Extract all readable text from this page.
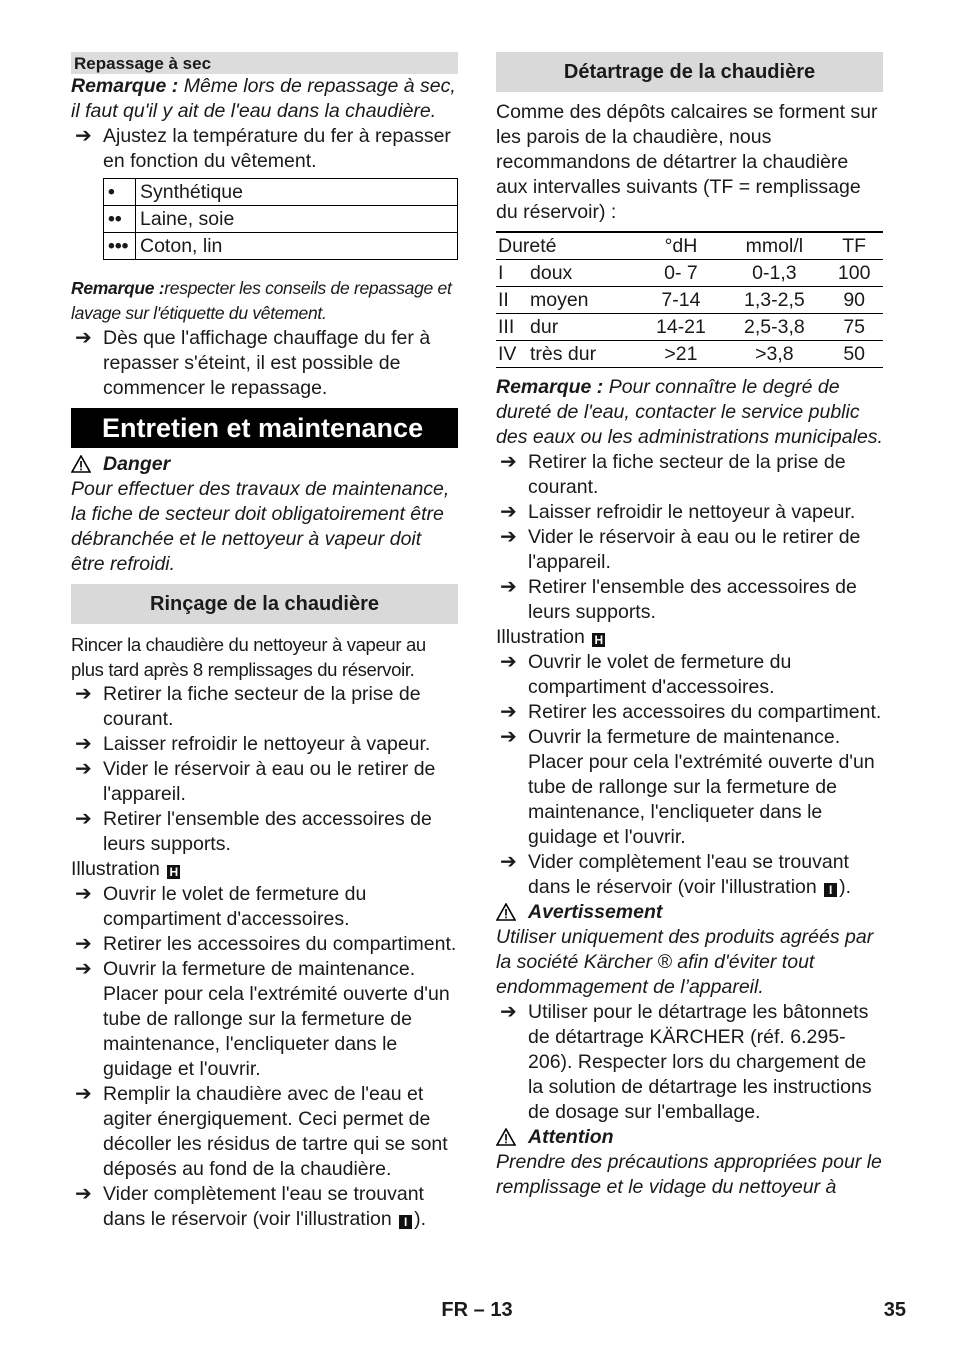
Repassage à sec

Remarque : Même lors de repassage à sec, il faut qu'il y ait de l'eau dans la chaudière.

➔ Ajustez la température du fer à repasser en fonction du vêtement.
•	Synthétique
••	Laine, soie
•••	Coton, lin

Remarque :respecter les conseils de repassage et lavage sur l'étiquette du vêtement.

➔ Dès que l'affichage chauffage du fer à repasser s'éteint, il est possible de commencer le repassage.
Entretien et maintenance
Danger

Pour effectuer des travaux de maintenance, la fiche de secteur doit obligatoirement être débranchée et le nettoyeur à vapeur doit être refroidi.

Rinçage de la chaudière

Rincer la chaudière du nettoyeur à vapeur au plus tard après 8 remplissages du réservoir.

➔ Retirer la fiche secteur de la prise de courant.
➔ Laisser refroidir le nettoyeur à vapeur.
➔ Vider le réservoir à eau ou le retirer de l'appareil.
➔ Retirer l'ensemble des accessoires de leurs supports.

Illustration H

➔ Ouvrir le volet de fermeture du compartiment d'accessoires.
➔ Retirer les accessoires du compartiment.
➔ Ouvrir la fermeture de maintenance. Placer pour cela l'extrémité ouverte d'un tube de rallonge sur la fermeture de maintenance, l'encliqueter dans le guidage et l'ouvrir.
➔ Remplir la chaudière avec de l'eau et agiter énergiquement. Ceci permet de décoller les résidus de tartre qui se sont déposés au fond de la chaudière.
➔ Vider complètement l'eau se trouvant dans le réservoir (voir l'illustration I ).
Détartrage de la chaudière

Comme des dépôts calcaires se forment sur les parois de la chaudière, nous recommandons de détartrer la chaudière aux intervalles suivants (TF = remplissage du réservoir) :

Dureté		°dH	mmol/l	TF
I	doux	0- 7	0-1,3	100
II	moyen	7-14	1,3-2,5	90
III	dur	14-21	2,5-3,8	75
IV	très dur	>21	>3,8	50

Remarque : Pour connaître le degré de dureté de l'eau, contacter le service public des eaux ou les administrations municipales.

➔ Retirer la fiche secteur de la prise de courant.
➔ Laisser refroidir le nettoyeur à vapeur.
➔ Vider le réservoir à eau ou le retirer de l'appareil.
➔ Retirer l'ensemble des accessoires de leurs supports.

Illustration H

➔ Ouvrir le volet de fermeture du compartiment d'accessoires.
➔ Retirer les accessoires du compartiment.
➔ Ouvrir la fermeture de maintenance. Placer pour cela l'extrémité ouverte d'un tube de rallonge sur la fermeture de maintenance, l'encliqueter dans le guidage et l'ouvrir.
➔ Vider complètement l'eau se trouvant dans le réservoir (voir l'illustration I ).
Avertissement

Utiliser uniquement des produits agréés par la société Kärcher ® afin d'éviter tout endommagement de l’appareil.

➔ Utiliser pour le détartrage les bâtonnets de détartrage KÄRCHER (réf. 6.295-206). Respecter lors du chargement de la solution de détartrage les instructions de dosage sur l'emballage.
Attention

Prendre des précautions appropriées pour le remplissage et le vidage du nettoyeur à

FR – 13	35
